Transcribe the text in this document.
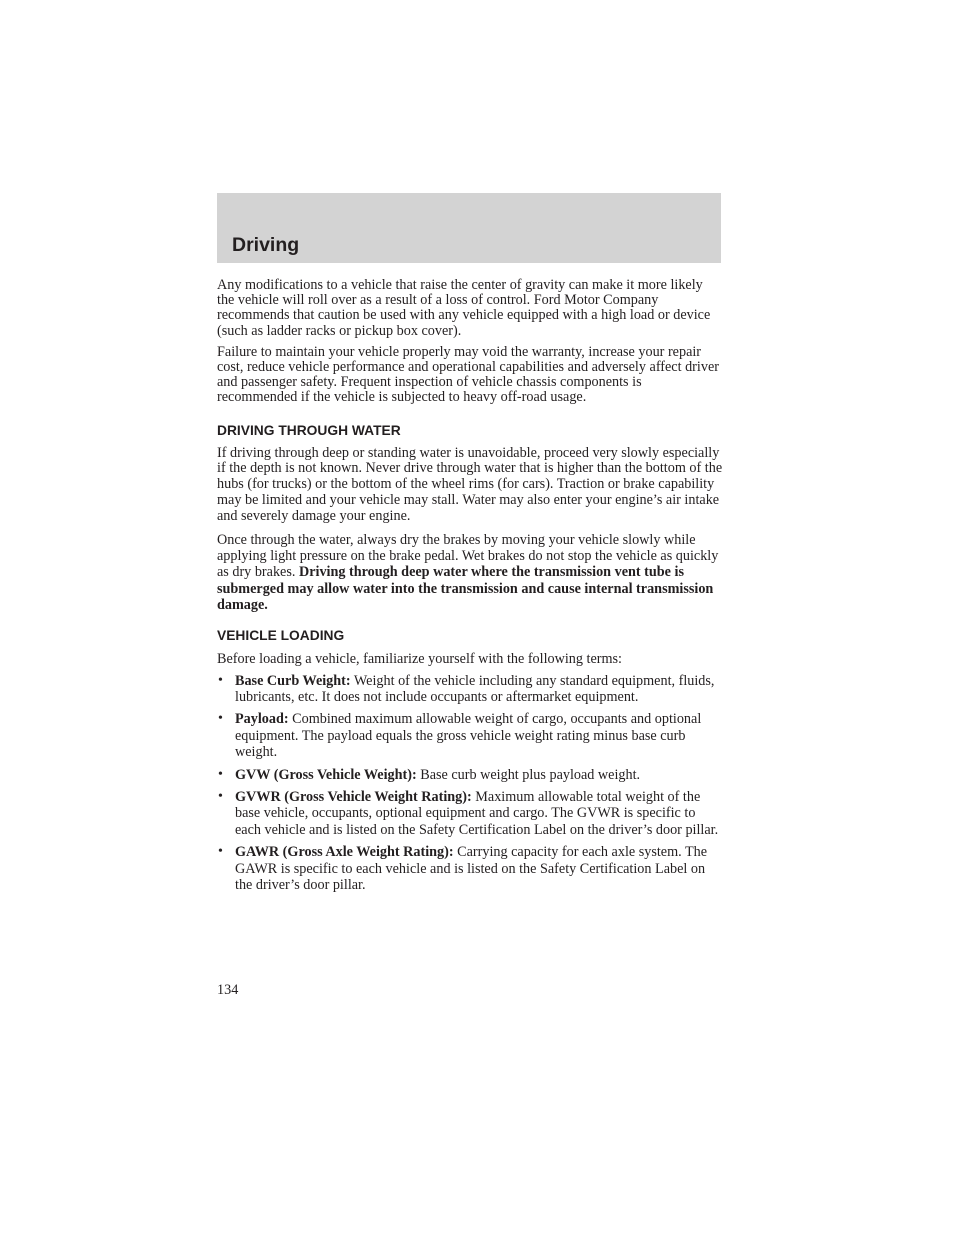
Driving

Any modifications to a vehicle that raise the center of gravity can make it more likely the vehicle will roll over as a result of a loss of control. Ford Motor Company recommends that caution be used with any vehicle equipped with a high load or device (such as ladder racks or pickup box cover).

Failure to maintain your vehicle properly may void the warranty, increase your repair cost, reduce vehicle performance and operational capabilities and adversely affect driver and passenger safety. Frequent inspection of vehicle chassis components is recommended if the vehicle is subjected to heavy off-road usage.

DRIVING THROUGH WATER

If driving through deep or standing water is unavoidable, proceed very slowly especially if the depth is not known. Never drive through water that is higher than the bottom of the hubs (for trucks) or the bottom of the wheel rims (for cars). Traction or brake capability may be limited and your vehicle may stall. Water may also enter your engine’s air intake and severely damage your engine.

Once through the water, always dry the brakes by moving your vehicle slowly while applying light pressure on the brake pedal. Wet brakes do not stop the vehicle as quickly as dry brakes. Driving through deep water where the transmission vent tube is submerged may allow water into the transmission and cause internal transmission damage.

VEHICLE LOADING

Before loading a vehicle, familiarize yourself with the following terms:

• Base Curb Weight: Weight of the vehicle including any standard equipment, fluids, lubricants, etc. It does not include occupants or aftermarket equipment.
• Payload: Combined maximum allowable weight of cargo, occupants and optional equipment. The payload equals the gross vehicle weight rating minus base curb weight.
• GVW (Gross Vehicle Weight): Base curb weight plus payload weight.
• GVWR (Gross Vehicle Weight Rating): Maximum allowable total weight of the base vehicle, occupants, optional equipment and cargo. The GVWR is specific to each vehicle and is listed on the Safety Certification Label on the driver’s door pillar.
• GAWR (Gross Axle Weight Rating): Carrying capacity for each axle system. The GAWR is specific to each vehicle and is listed on the Safety Certification Label on the driver’s door pillar.
134
